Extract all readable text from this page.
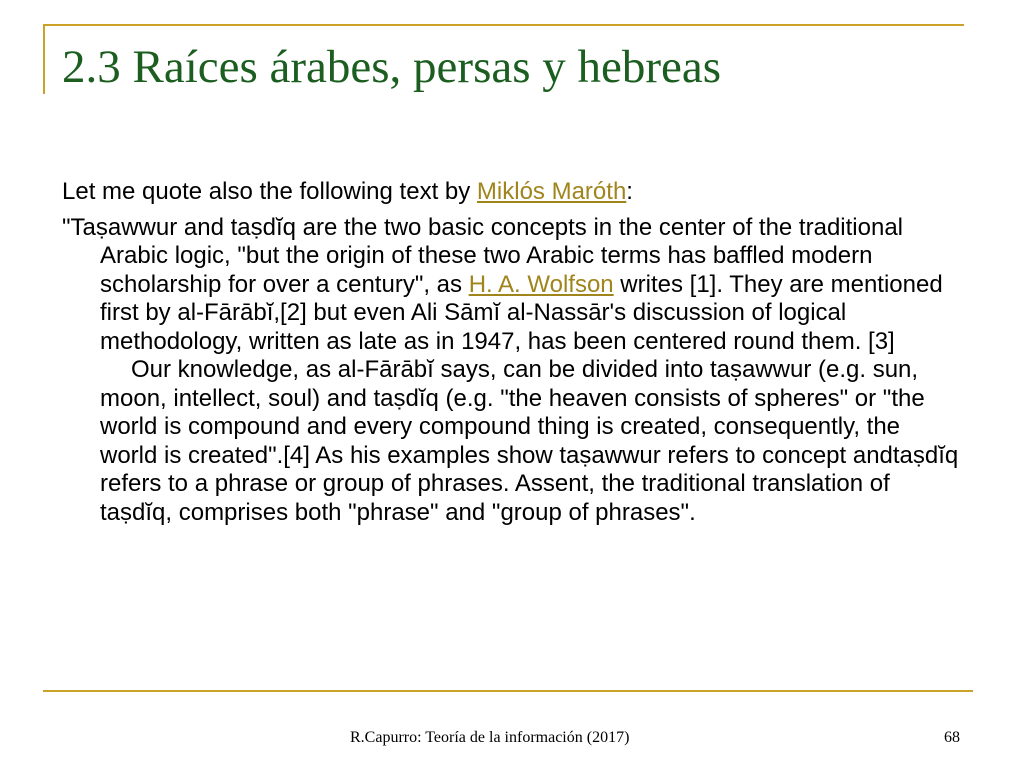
2.3 Raíces árabes, persas y hebreas

Let me quote also the following text by Miklós Maróth:

"Taṣawwur and taṣdĭq are the two basic concepts in the center of the traditional Arabic logic, "but the origin of these two Arabic terms has baffled modern scholarship for over a century", as H. A. Wolfson writes [1]. They are mentioned first by al-Fārābĭ,[2] but even Ali Sāmĭ al-Nassār's discussion of logical methodology, written as late as in 1947, has been centered round them. [3]
Our knowledge, as al-Fārābĭ says, can be divided into taṣawwur (e.g. sun, moon, intellect, soul) and taṣdĭq (e.g. "the heaven consists of spheres" or "the world is compound and every compound thing is created, consequently, the world is created".[4] As his examples show taṣawwur refers to concept andtaṣdĭq refers to a phrase or group of phrases. Assent, the traditional translation of taṣdĭq, comprises both "phrase" and "group of phrases".

R.Capurro: Teoría de la información (2017)	68
